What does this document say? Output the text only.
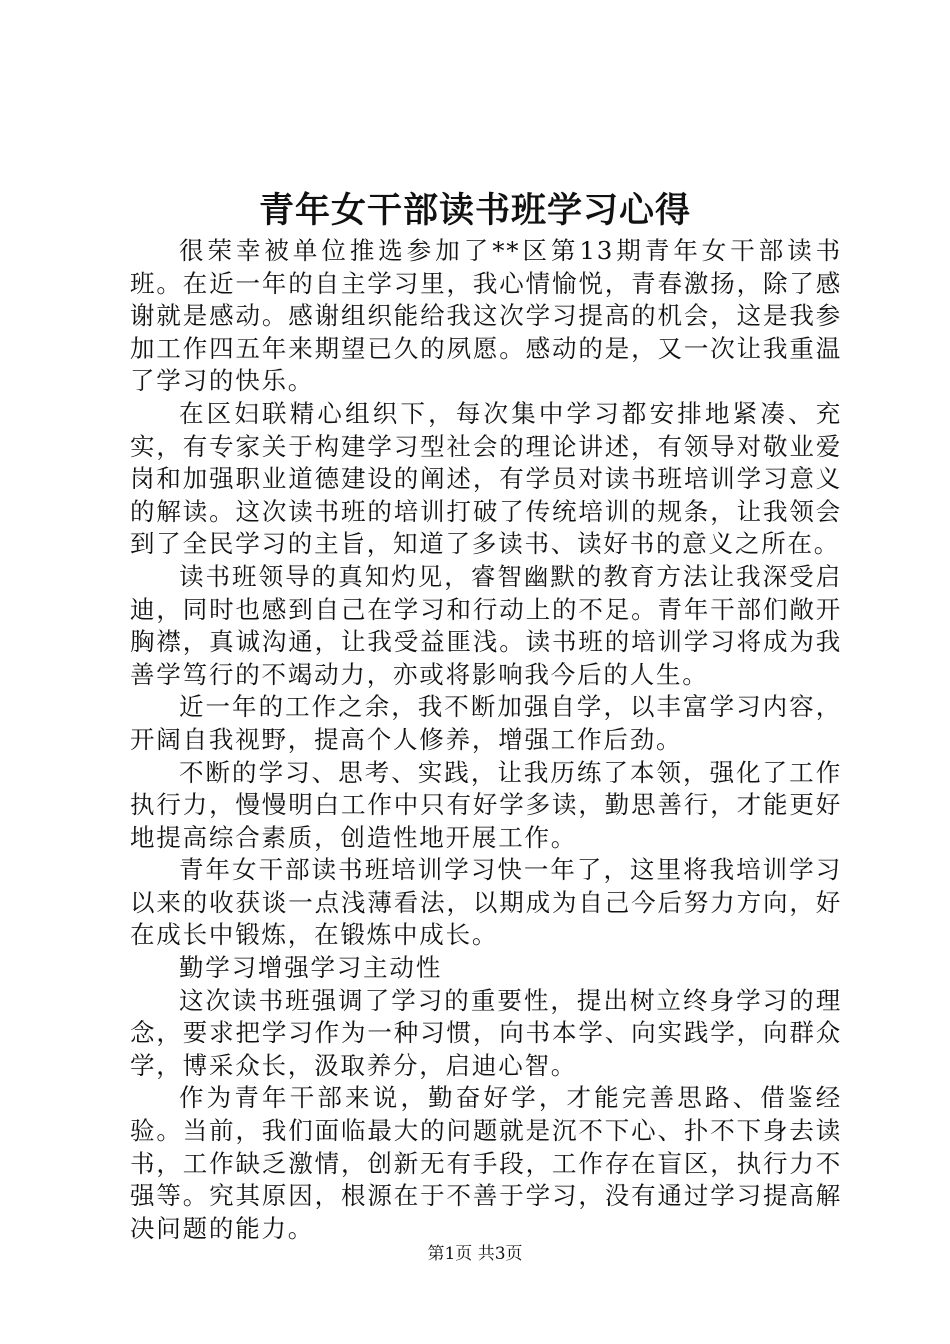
青年女干部读书班学习心得

很荣幸被单位推选参加了**区第13期青年女干部读书班。在近一年的自主学习里，我心情愉悦，青春激扬，除了感谢就是感动。感谢组织能给我这次学习提高的机会，这是我参加工作四五年来期望已久的夙愿。感动的是，又一次让我重温了学习的快乐。

在区妇联精心组织下，每次集中学习都安排地紧凑、充实，有专家关于构建学习型社会的理论讲述，有领导对敬业爱岗和加强职业道德建设的阐述，有学员对读书班培训学习意义的解读。这次读书班的培训打破了传统培训的规条，让我领会到了全民学习的主旨，知道了多读书、读好书的意义之所在。

读书班领导的真知灼见，睿智幽默的教育方法让我深受启迪，同时也感到自己在学习和行动上的不足。青年干部们敞开胸襟，真诚沟通，让我受益匪浅。读书班的培训学习将成为我善学笃行的不竭动力，亦或将影响我今后的人生。

近一年的工作之余，我不断加强自学，以丰富学习内容，开阔自我视野，提高个人修养，增强工作后劲。

不断的学习、思考、实践，让我历练了本领，强化了工作执行力，慢慢明白工作中只有好学多读，勤思善行，才能更好地提高综合素质，创造性地开展工作。

青年女干部读书班培训学习快一年了，这里将我培训学习以来的收获谈一点浅薄看法，以期成为自己今后努力方向，好在成长中锻炼，在锻炼中成长。

勤学习增强学习主动性

这次读书班强调了学习的重要性，提出树立终身学习的理念，要求把学习作为一种习惯，向书本学、向实践学，向群众学，博采众长，汲取养分，启迪心智。

作为青年干部来说，勤奋好学，才能完善思路、借鉴经验。当前，我们面临最大的问题就是沉不下心、扑不下身去读书，工作缺乏激情，创新无有手段，工作存在盲区，执行力不强等。究其原因，根源在于不善于学习，没有通过学习提高解决问题的能力。

第1页 共3页
